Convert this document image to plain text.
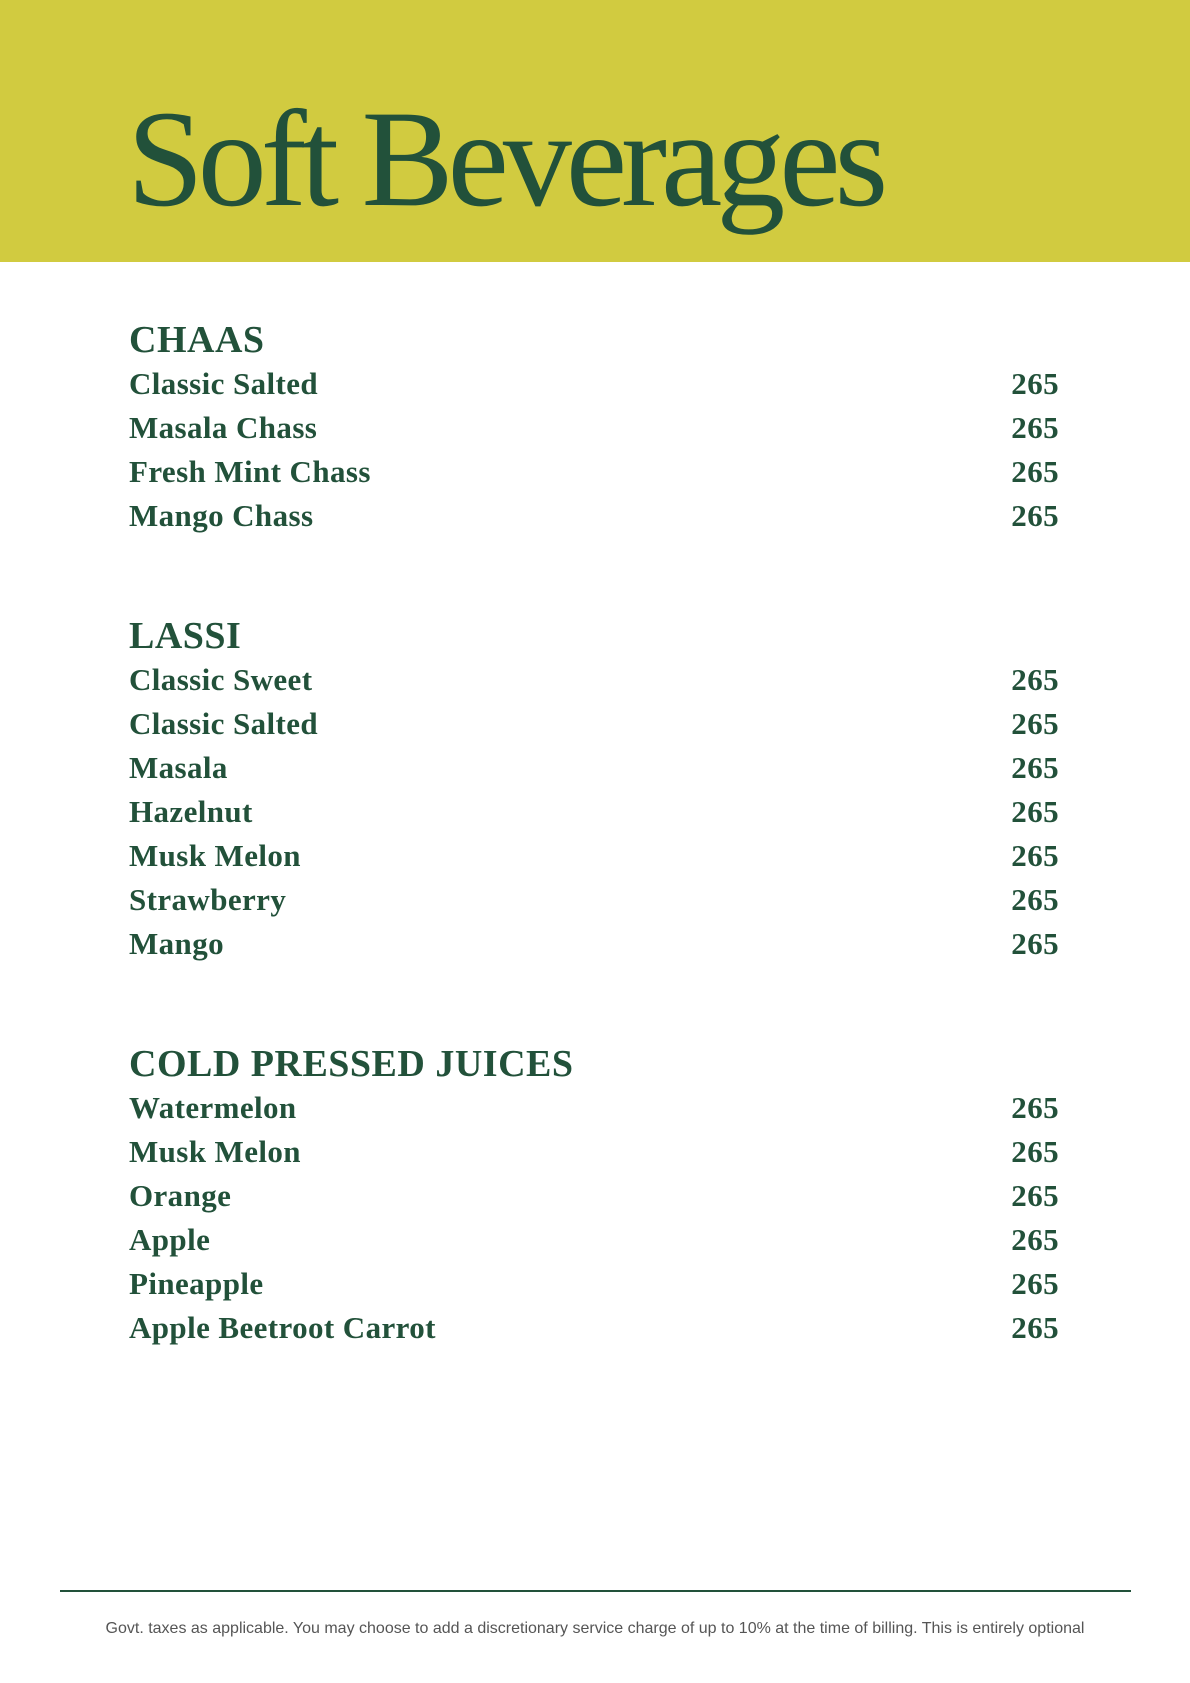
Soft Beverages
CHAAS
Classic Salted	265
Masala Chass	265
Fresh Mint Chass	265
Mango Chass	265
LASSI
Classic Sweet	265
Classic Salted	265
Masala	265
Hazelnut	265
Musk Melon	265
Strawberry	265
Mango	265
COLD PRESSED JUICES
Watermelon	265
Musk Melon	265
Orange	265
Apple	265
Pineapple	265
Apple Beetroot Carrot	265
Govt. taxes as applicable. You may choose to add a discretionary service charge of up to 10% at the time of billing. This is entirely optional
